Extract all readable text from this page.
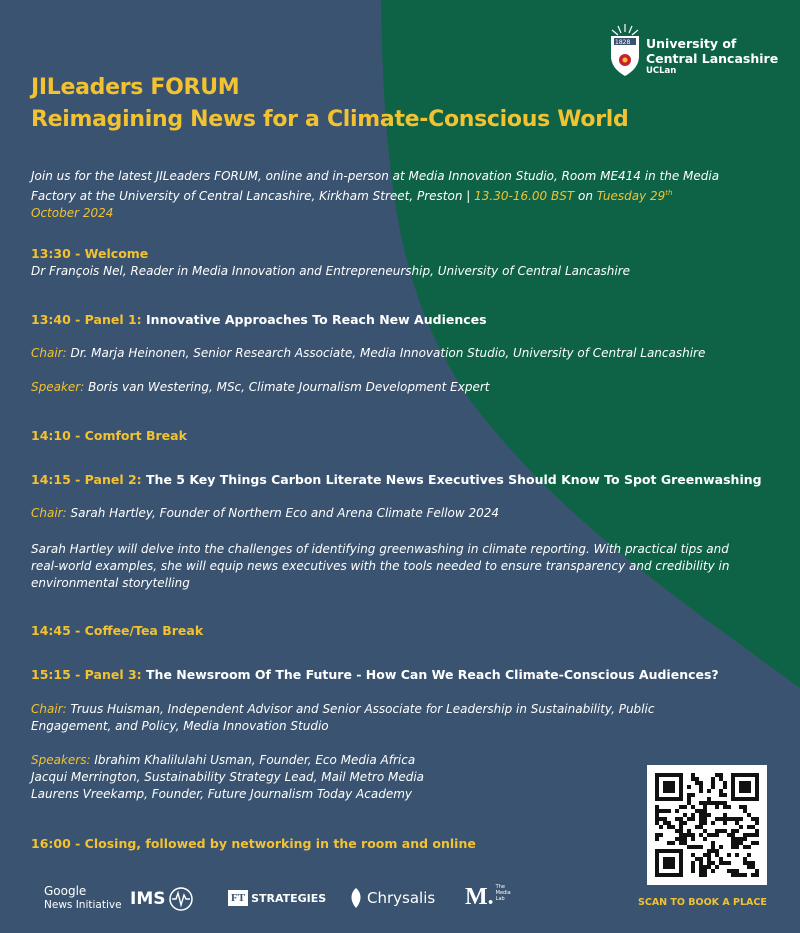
1828 University of
Central Lancashire
UCLan
JILeaders FORUM
Reimagining News for a Climate-Conscious World
Join us for the latest JILeaders FORUM, online and in-person at Media Innovation Studio, Room ME414 in the Media Factory at the University of Central Lancashire, Kirkham Street, Preston | 13.30-16.00 BST on Tuesday 29th
October 2024
13:30 - Welcome
Dr François Nel, Reader in Media Innovation and Entrepreneurship, University of Central Lancashire
13:40 - Panel 1: Innovative Approaches To Reach New Audiences
Chair: Dr. Marja Heinonen, Senior Research Associate, Media Innovation Studio, University of Central Lancashire
Speaker: Boris van Westering, MSc, Climate Journalism Development Expert
14:10 - Comfort Break
14:15 - Panel 2: The 5 Key Things Carbon Literate News Executives Should Know To Spot Greenwashing
Chair: Sarah Hartley, Founder of Northern Eco and Arena Climate Fellow 2024
Sarah Hartley will delve into the challenges of identifying greenwashing in climate reporting. With practical tips and real-world examples, she will equip news executives with the tools needed to ensure transparency and credibility in environmental storytelling
14:45 - Coffee/Tea Break
15:15 - Panel 3: The Newsroom Of The Future - How Can We Reach Climate-Conscious Audiences?
Chair: Truus Huisman, Independent Advisor and Senior Associate for Leadership in Sustainability, Public Engagement, and Policy, Media Innovation Studio
Speakers: Ibrahim Khalilulahi Usman, Founder, Eco Media Africa
Jacqui Merrington, Sustainability Strategy Lead, Mail Metro Media
Laurens Vreekamp, Founder, Future Journalism Today Academy
16:00 - Closing, followed by networking in the room and online
SCAN TO BOOK A PLACE
Google
News Initiative IMS	FT STRATEGIES	Chrysalis M. The Media Lab
